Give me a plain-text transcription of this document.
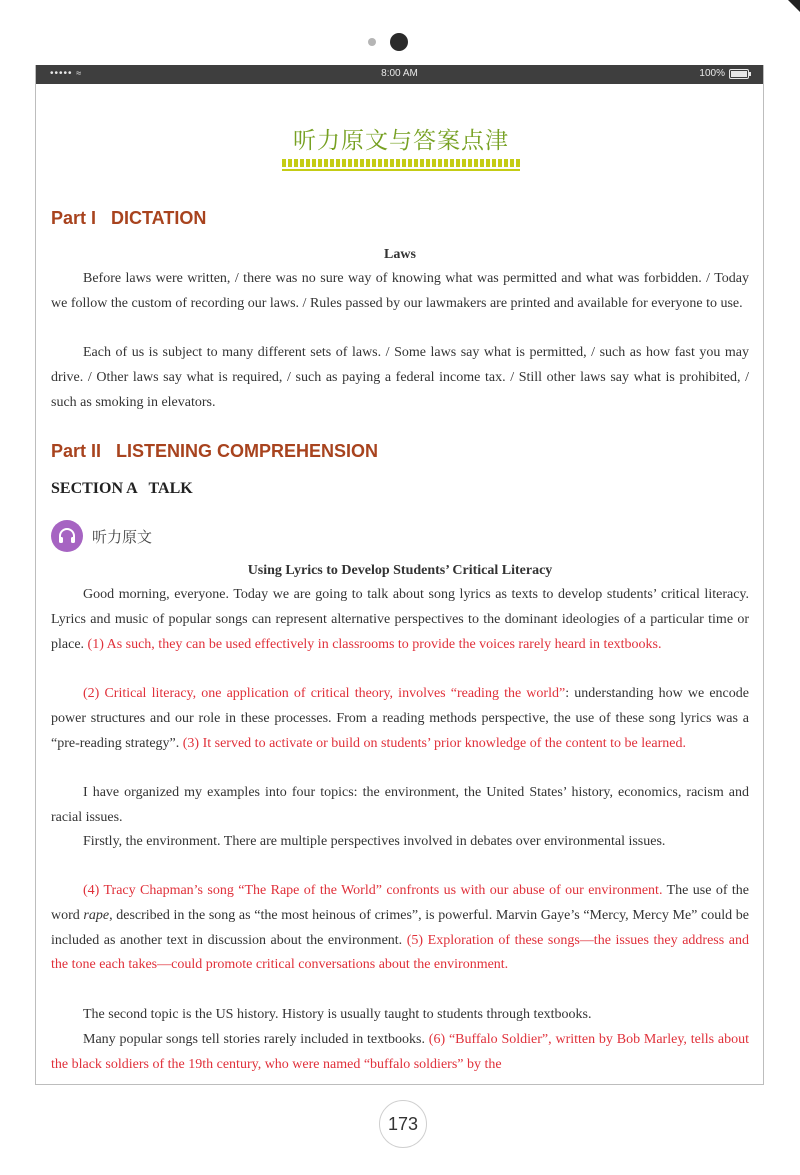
••••• ≈	8:00 AM	100%
听力原文与答案点津
Part I   DICTATION
Laws
Before laws were written, / there was no sure way of knowing what was permitted and what was forbidden. / Today we follow the custom of recording our laws. / Rules passed by our lawmakers are printed and available for everyone to use.
Each of us is subject to many different sets of laws. / Some laws say what is permitted, / such as how fast you may drive. / Other laws say what is required, / such as paying a federal income tax. / Still other laws say what is prohibited, / such as smoking in elevators.
Part II   LISTENING COMPREHENSION
SECTION A   TALK
听力原文
Using Lyrics to Develop Students’ Critical Literacy
Good morning, everyone. Today we are going to talk about song lyrics as texts to develop students’ critical literacy. Lyrics and music of popular songs can represent alternative perspectives to the dominant ideologies of a particular time or place. (1) As such, they can be used effectively in classrooms to provide the voices rarely heard in textbooks.
(2) Critical literacy, one application of critical theory, involves “reading the world”: understanding how we encode power structures and our role in these processes. From a reading methods perspective, the use of these song lyrics was a “pre-reading strategy”. (3) It served to activate or build on students’ prior knowledge of the content to be learned.
I have organized my examples into four topics: the environment, the United States’ history, economics, racism and racial issues.
Firstly, the environment. There are multiple perspectives involved in debates over environmental issues.
(4) Tracy Chapman’s song “The Rape of the World” confronts us with our abuse of our environment. The use of the word rape, described in the song as “the most heinous of crimes”, is powerful. Marvin Gaye’s “Mercy, Mercy Me” could be included as another text in discussion about the environment. (5) Exploration of these songs—the issues they address and the tone each takes—could promote critical conversations about the environment.
The second topic is the US history. History is usually taught to students through textbooks.
Many popular songs tell stories rarely included in textbooks. (6) “Buffalo Soldier”, written by Bob Marley, tells about the black soldiers of the 19th century, who were named “buffalo soldiers” by the
173
